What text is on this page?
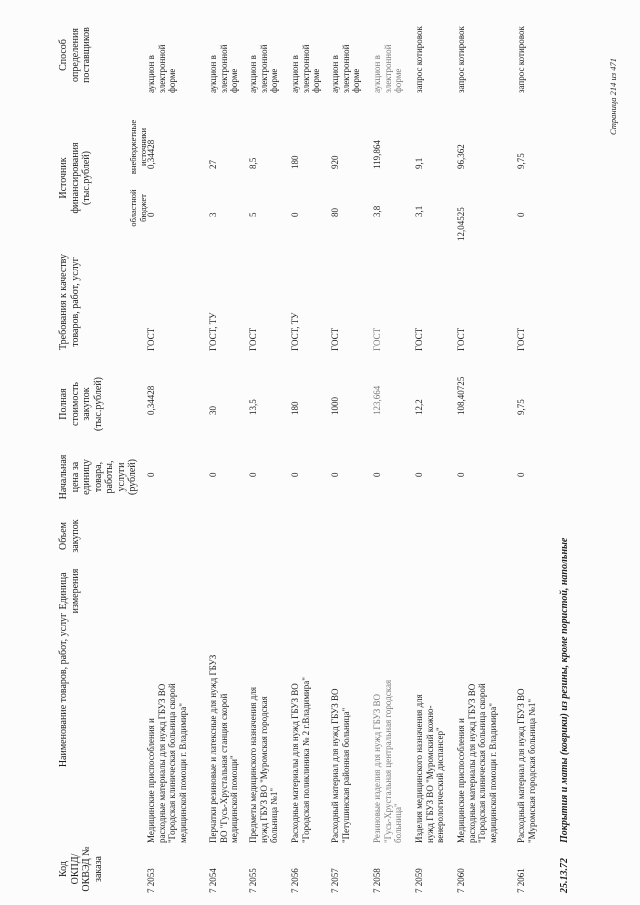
Код ОКПД/ ОКВЭД № заказа
Наименование товаров, работ, услуг
Единица измерения
Объем закупок
Начальная цена за единицу товара, работы, услуги (рублей)
Полная стоимость закупок (тыс.рублей)
Требования к качеству товаров, работ, услуг
Источник финансирования (тыс.рублей)
областной бюджет
внебюджетные источники
Способ определения поставщиков
7 2053
Медицинские приспособления и расходные материалы для нужд ГБУЗ ВО "Городская клиническая больница скорой медицинской помощи г. Владимира"
0
0,34428
ГОСТ
0
0,34428
аукцион в электронной форме
7 2054
Перчатки резиновые и латексные для нужд ГБУЗ ВО "Гусь-Хрустальная станция скорой медицинской помощи"
0
30
ГОСТ, ТУ
3
27
аукцион в электронной форме
7 2055
Предметы медицинского назначения для нужд ГБУЗ ВО "Муромская городская больница №1"
0
13,5
ГОСТ
5
8,5
аукцион в электронной форме
7 2056
Расходные материалы для нужд ГБУЗ ВО "Городская поликлиника № 2 г.Владимира"
0
180
ГОСТ, ТУ
0
180
аукцион в электронной форме
7 2057
Расходный материал для нужд ГБУЗ ВО "Петушинская районная больница"
0
1000
ГОСТ
80
920
аукцион в электронной форме
7 2058
Резиновые изделия для нужд ГБУЗ ВО "Гусь-Хрустальная центральная городская больница"
0
123,664
ГОСТ
3,8
119,864
аукцион в электронной форме
7 2059
Изделия медицинского назначения для нужд ГБУЗ ВО "Муромский кожно-венерологический диспансер"
0
12,2
ГОСТ
3,1
9,1
запрос котировок
7 2060
Медицинские приспособления и расходные материалы для нужд ГБУЗ ВО "Городская клиническая больница скорой медицинской помощи г. Владимира"
0
108,40725
ГОСТ
12,04525
96,362
запрос котировок
7 2061
Расходный материал для нужд ГБУЗ ВО "Муромская городская больница №1"
0
9,75
ГОСТ
0
9,75
запрос котировок
25.13.72
Покрытия и маты (коврики) из резины, кроме пористой, напольные
Страница 214 из 471
